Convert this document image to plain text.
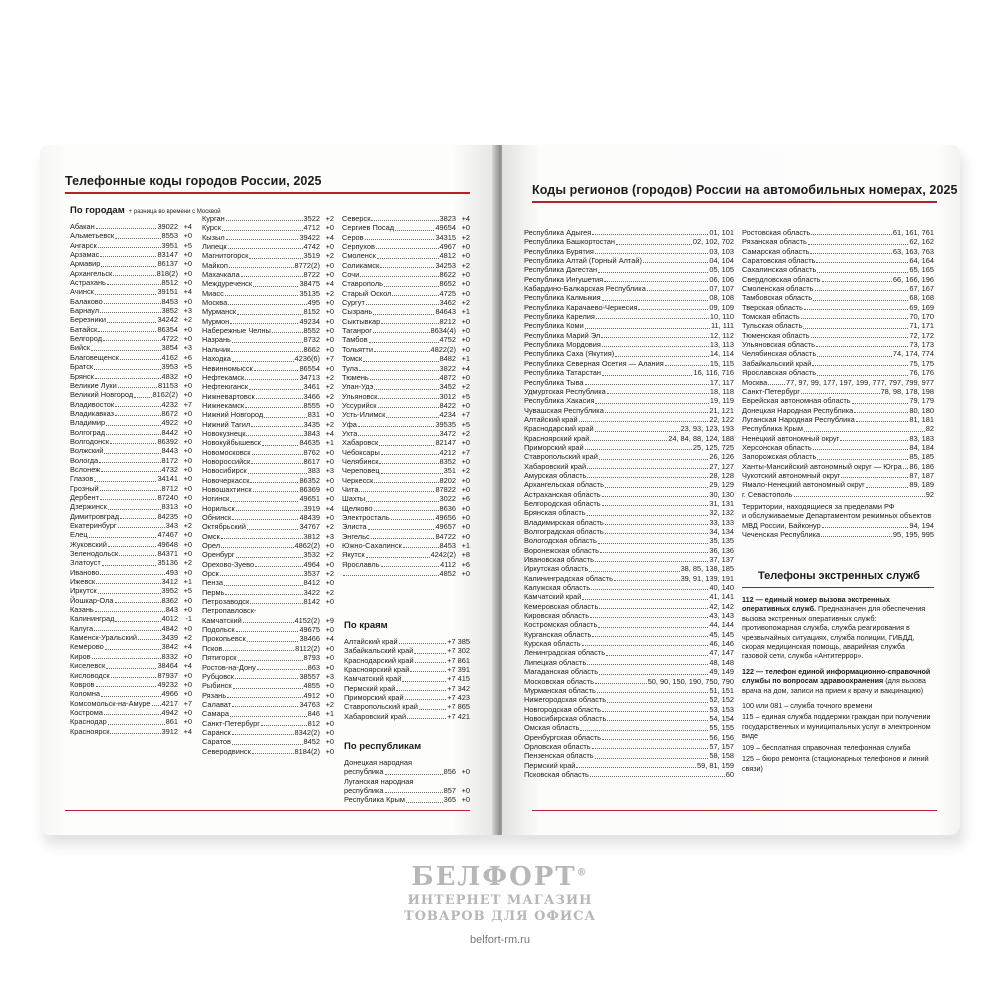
Телефонные коды городов России, 2025
По городам + разница во времени с Москвой
Абакан	39022 +4
Альметьевск	8553 +0
Ангарск	3951 +5
Арзамас	83147 +0
Армавир	86137 +0
Архангельск	818(2) +0
Астрахань	8512 +0
Ачинск	39151 +4
Балаково	8453 +0
Барнаул	3852 +3
Березники	34242 +2
Батайск	86354 +0
Белгород	4722 +0
Бийск	3854 +3
Благовещенск	4162 +6
Братск	3953 +5
Брянск	4832 +0
Великие Луки	81153 +0
Великий Новгород	8162(2) +0
Владивосток	4232 +7
Владикавказ	8672 +0
Владимир	4922 +0
Волгоград	8442 +0
Волгодонск	86392 +0
Волжский	8443 +0
Вологда	8172 +0
Вслонеж	4732 +0
Глазов	34141 +0
Грозный	8712 +0
Дербент	87240 +0
Дзержинск	8313 +0
Димитровград	84235 +0
Екатеринбург	343 +2
Елец	47467 +0
Жуковский	49648 +0
Зеленодольск	84371 +0
Златоуст	35136 +2
Иваново	493 +0
Ижевск	3412 +1
Иркутск	3952 +5
Йошкар-Ола	8362 +0
Казань	843 +0
Калининград	4012	-1
Калуга	4842 +0
Каменск-Уральский	3439 +2
Кемерово	3842 +4
Киров	8332 +0
Киселевск	38464 +4
Кисловодск	87937 +0
Ковров	49232 +0
Коломна	4966 +0
Комсомольск-на-Амуре 4217 +7
Кострома	4942 +0
Краснодар	861 +0
Красноярск	3912 +4
Курган	3522 +2
Курск	4712 +0
Кызыл	39422 +4
Липецк	4742 +0
Магнитогорск	3519 +2
Майкоп	8772(2) +0
Махачкала	8722 +0
Междуреченск	38475 +4
Миасс	35135 +2
Москва	495 +0
Мурманск	8152 +0
Мурмон	49234 +0
Набережные Челны	8552 +0
Назрань	8732 +0
Нальчик	8662 +0
Находка	4236(6) +7
Невинномысск	86554 +0
Нефтекамск	34713 +2
Нефтеюганск	3461 +2
Нижневартовск	3466 +2
Нижнекамск	8555 +0
Нижний Новгород	831 +0
Нижний Тагил	3435 +2
Новокузнецк	3843 +4
Новокуйбышевск	84635 +1
Новомосковск	8762 +0
Новороссийск	8617 +0
Новосибирск	383 +3
Новочеркасск	86352 +0
Новошахтинск	86369 +0
Ногинск	49651 +0
Норильск	3919 +4
Обнинск	48439 +0
Октябрьский	34767 +2
Омск	3812 +3
Орел	4862(2) +0
Оренбург	3532 +2
Орехово-Зуево	4964 +0
Орск	3537 +2
Пенза	8412 +0
Пермь	3422 +2
Петрозаводск	8142 +0
Петропавловск-
Камчатский	4152(2) +9
Подольск	49675 +0
Прокопьевск	38466 +4
Псков	8112(2) +0
Пятигорск	8793 +0
Ростов-на-Дону	863 +0
Рубцовск	38557 +3
Рыбинск	4855 +0
Рязань	4912 +0
Салават	34763 +2
Самара	846 +1
Санкт-Петербург	812 +0
Саранск	8342(2) +0
Саратов	8452 +0
Северодвинск	8184(2) +0
Северск	3823 +4
Сергиев Посад	49654 +0
Серов	34315 +2
Серпухов	4967 +0
Смоленск	4812 +0
Соликамск	34253 +2
Сочи	8622 +0
Ставрополь	8652 +0
Старый Оскол	4725 +0
Сургут	3462 +2
Сызрань	84643 +1
Сыктывкар	8212 +0
Таганрог	8634(4) +0
Тамбов	4752 +0
Тольятти	4822(2) +0
Томск	8482 +1
Тула	3822 +4
Тюмень	4872 +0
Улан-Удэ	3452 +2
Ульяновск	3012 +5
Уссурийск	8422 +0
Усть-Илимск	4234 +7
Уфа	39535 +5
Ухта	3472 +2
Хабаровск	82147 +0
Чебоксары	4212 +7
Челябинск	8352 +0
Череповец	351 +2
Черкесск	8202 +0
Чита	87822 +0
Шахты	3022 +6
Щелково	8636 +0
Электросталь	49656 +0
Элиста	49657 +0
Энгельс	84722 +0
Южно-Сахалинск	8453 +1
Якутск	4242(2) +8
Ярославль	4112 +6
4852 +0
По краям
Алтайский край	+7 385
Забайкальский край	+7 302
Краснодарский край	+7 861
Красноярский край	+7 391
Камчатский край	+7 415
Пермский край	+7 342
Приморский край	+7 423
Ставропольский край	+7 865
Хабаровский край	+7 421
По республикам
Донецкая народная
республика	856 +0
Луганская народная
республика	857 +0
Республика Крым	365 +0
Коды регионов (городов) России на автомобильных номерах, 2025
Республика Адыгея	01, 101
Республика Башкортостан	02, 102, 702
Республика Бурятия	03, 103
Республика Алтай (Горный Алтай)	04, 104
Республика Дагестан	05, 105
Республика Ингушетия	06, 106
Кабардино-Балкарская Республика	07, 107
Республика Калмыкия	08, 108
Республика Карачаево-Черкесия	09, 109
Республика Карелия	10, 110
Республика Коми	11, 111
Республика Марий Эл	12, 112
Республика Мордовия	13, 113
Республика Саха (Якутия)	14, 114
Республика Северная Осетия — Алания	15, 115
Республика Татарстан	16, 116, 716
Республика Тыва	17, 117
Удмуртская Республика	18, 118
Республика Хакасия	19, 119
Чувашская Республика	21, 121
Алтайский край	22, 122
Краснодарский край	23, 93, 123, 193
Красноярский край	24, 84, 88, 124, 188
Приморский край	25, 125, 725
Ставропольский край	26, 126
Хабаровский край	27, 127
Амурская область	28, 128
Архангельская область	29, 129
Астраханская область	30, 130
Белгородская область	31, 131
Брянская область	32, 132
Владимирская область	33, 133
Волгоградская область	34, 134
Вологодская область	35, 135
Воронежская область	36, 136
Ивановская область	37, 137
Иркутская область	38, 85, 138, 185
Калининградская область	39, 91, 139, 191
Калужская область	40, 140
Камчатский край	41, 141
Кемеровская область	42, 142
Кировская область	43, 143
Костромская область	44, 144
Курганская область	45, 145
Курская область	46, 146
Ленинградская область	47, 147
Липецкая область	48, 148
Магаданская область	49, 149
Московская область	50, 90, 150, 190, 750, 790
Мурманская область	51, 151
Нижегородская область	52, 152
Новгородская область	53, 153
Новосибирская область	54, 154
Омская область	55, 155
Оренбургская область	56, 156
Орловская область	57, 157
Пензенская область	58, 158
Пермский край	59, 81, 159
Псковская область	60
Ростовская область	61, 161, 761
Рязанская область	62, 162
Самарская область	63, 163, 763
Саратовская область	64, 164
Сахалинская область	65, 165
Свердловская область	66, 166, 196
Смоленская область	67, 167
Тамбовская область	68, 168
Тверская область	69, 169
Томская область	70, 170
Тульская область	71, 171
Тюменская область	72, 172
Ульяновская область	73, 173
Челябинская область	74, 174, 774
Забайкальский край	75, 175
Ярославская область	76, 176
Москва	77, 97, 99, 177, 197, 199, 777, 797, 799, 977
Санкт-Петербург	78, 98, 178, 198
Еврейская автономная область	79, 179
Донецкая Народная Республика	80, 180
Луганская Народная Республика	81, 181
Республика Крым	82
Ненецкий автономный округ	83, 183
Херсонская область	84, 184
Запорожская область	85, 185
Ханты-Мансийский автономный округ — Югра 86, 186
Чукотский автономный округ	87, 187
Ямало-Ненецкий автономный округ	89, 189
г. Севастополь	92
Территории, находящиеся за пределами РФ
и обслуживаемые Департаментом режимных объектов
МВД России, Байконур	94, 194
Чеченская Республика	95, 195, 995
Телефоны экстренных служб

112 — единый номер вызова экстренных оперативных служб. Предназначен для обеспечения вызова экстренных оперативных служб: противопожарная служба, служба реагирования в чрезвычайных ситуациях, служба полиции, ГИБДД, скорая медицинская помощь, аварийная служба газовой сети, служба «Антитеррор».

122 — телефон единой информационно-справочной службы по вопросам здравоохранения (для вызова врача на дом, записи на прием к врачу и вакцинацию)

100 или 081 – служба точного времени

115 – единая служба поддержки граждан при получении государственных и муниципальных услуг в электронном виде

109 – бесплатная справочная телефонная служба

125 – бюро ремонта (стационарных телефонов и линий связи)

БЕЛФОРТ®
ИНТЕРНЕТ МАГАЗИН
ТОВАРОВ ДЛЯ ОФИСА
belfort-rm.ru
